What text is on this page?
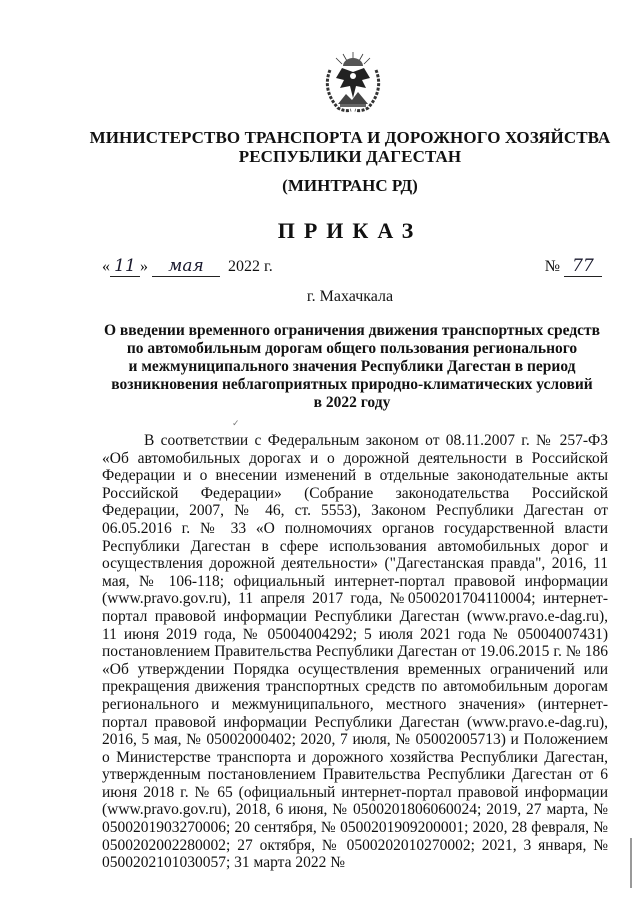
МИНИСТЕРСТВО ТРАНСПОРТА И ДОРОЖНОГО ХОЗЯЙСТВА
РЕСПУБЛИКИ ДАГЕСТАН
(МИНТРАНС РД)
ПРИКАЗ
« 11 » мая 2022 г.	№ 77
г. Махачкала
О введении временного ограничения движения транспортных средств
по автомобильным дорогам общего пользования регионального
и межмуниципального значения Республики Дагестан в период
возникновения неблагоприятных природно-климатических условий
в 2022 году
✓

В соответствии с Федеральным законом от 08.11.2007 г. № 257-ФЗ «Об автомобильных дорогах и о дорожной деятельности в Российской Федерации и о внесении изменений в отдельные законодательные акты Российской Федерации» (Собрание законодательства Российской Федерации, 2007, № 46, ст. 5553), Законом Республики Дагестан от 06.05.2016 г. № 33 «О полномочиях органов государственной власти Республики Дагестан в сфере использования автомобильных дорог и осуществления дорожной деятельности» ("Дагестанская правда", 2016, 11 мая, № 106-118; официальный интернет-портал правовой информации (www.pravo.gov.ru), 11 апреля 2017 года, №0500201704110004; интернет-портал правовой информации Республики Дагестан (www.pravo.e-dag.ru), 11 июня 2019 года, № 05004004292; 5 июля 2021 года № 05004007431) постановлением Правительства Республики Дагестан от 19.06.2015 г. № 186 «Об утверждении Порядка осуществления временных ограничений или прекращения движения транспортных средств по автомобильным дорогам регионального и межмуниципального, местного значения» (интернет-портал правовой информации Республики Дагестан (www.pravo.e-dag.ru), 2016, 5 мая, № 05002000402; 2020, 7 июля, № 05002005713) и Положением о Министерстве транспорта и дорожного хозяйства Республики Дагестан, утвержденным постановлением Правительства Республики Дагестан от 6 июня 2018 г. № 65 (официальный интернет-портал правовой информации (www.pravo.gov.ru), 2018, 6 июня, № 0500201806060024; 2019, 27 марта, № 0500201903270006; 20 сентября, № 0500201909200001; 2020, 28 февраля, № 0500202002280002; 27 октября, № 0500202010270002; 2021, 3 января, № 0500202101030057; 31 марта 2022 №
